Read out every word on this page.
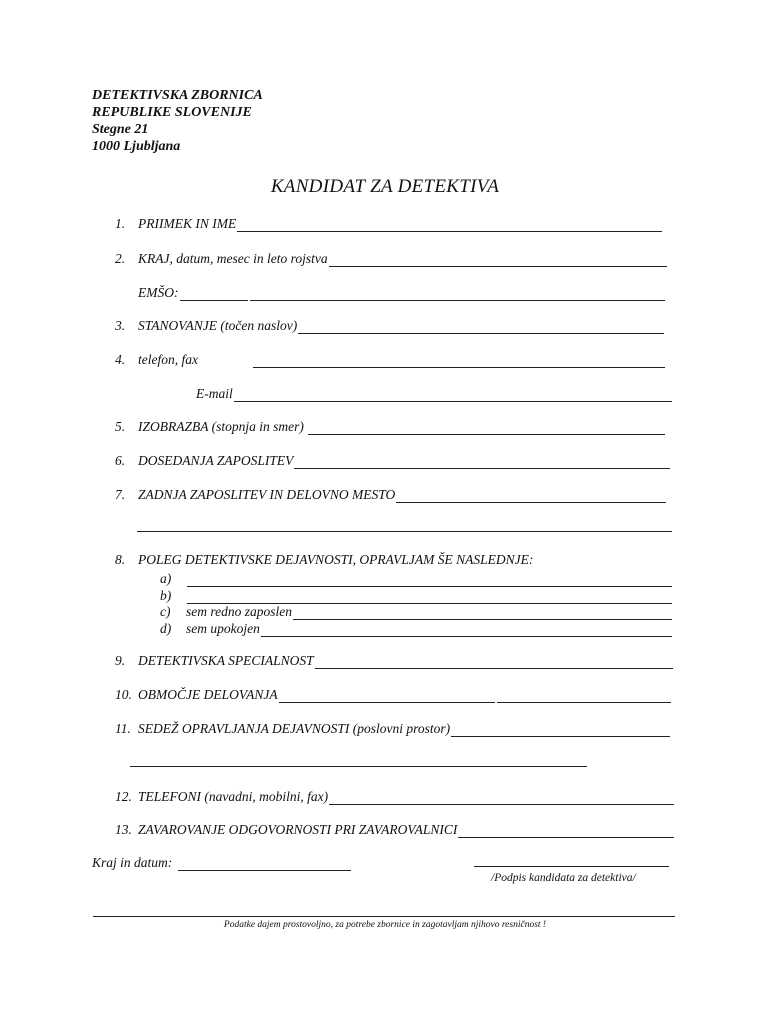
DETEKTIVSKA ZBORNICA
REPUBLIKE SLOVENIJE
Stegne 21
1000 Ljubljana
KANDIDAT ZA DETEKTIVA
1. PRIIMEK IN IME
2. KRAJ, datum, mesec in leto rojstva
EMŠO:
3. STANOVANJE (točen naslov)
4. telefon, fax
E-mail
5. IZOBRAZBA (stopnja in smer)
6. DOSEDANJA ZAPOSLITEV
7. ZADNJA ZAPOSLITEV IN DELOVNO MESTO
8. POLEG DETEKTIVSKE DEJAVNOSTI, OPRAVLJAM ŠE NASLEDNJE:
a)
b)
c)	sem redno zaposlen
d)	sem upokojen
9. DETEKTIVSKA SPECIALNOST
10. OBMOČJE DELOVANJA
11. SEDEŽ OPRAVLJANJA DEJAVNOSTI (poslovni prostor)
12. TELEFONI (navadni, mobilni, fax)
13. ZAVAROVANJE ODGOVORNOSTI PRI ZAVAROVALNICI
Kraj in datum:
/Podpis kandidata za detektiva/
Podatke dajem prostovoljno, za potrebe zbornice in zagotavljam njihovo resničnost !
